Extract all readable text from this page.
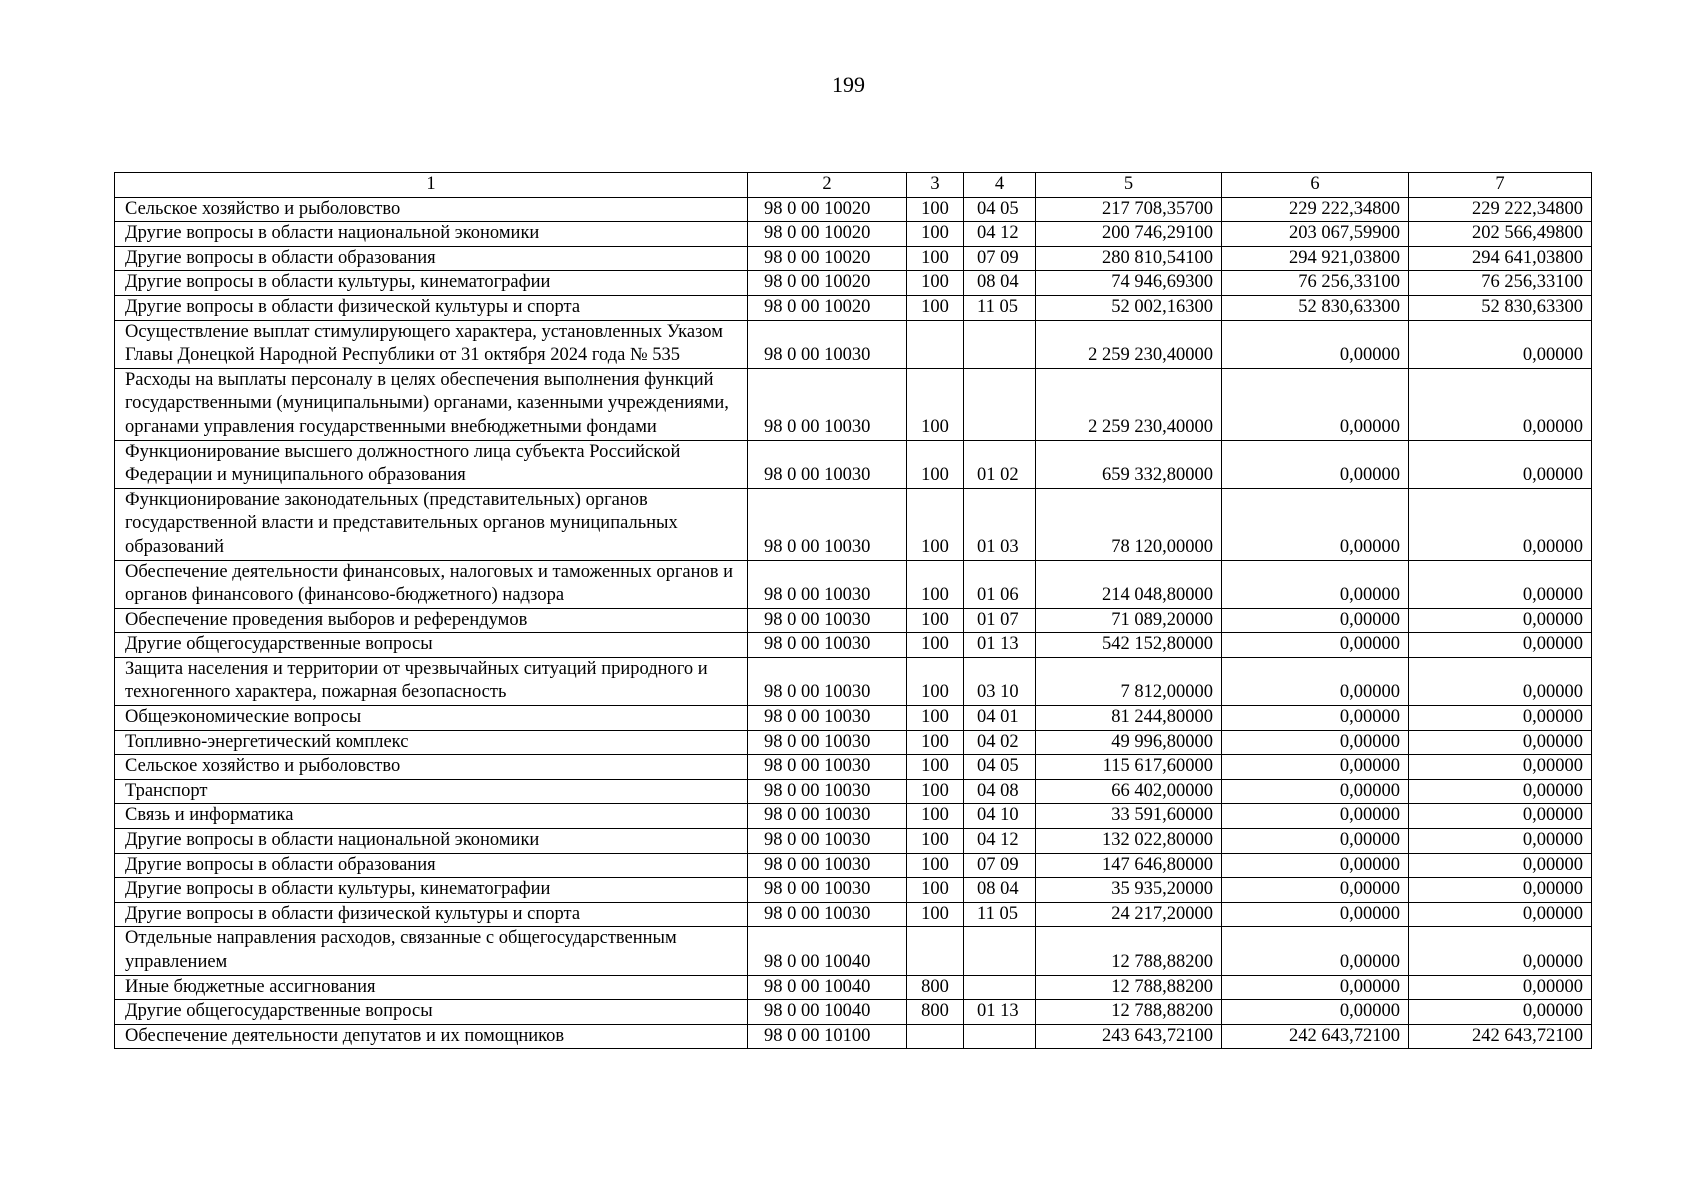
199
1	2	3	4	5	6	7
Сельское хозяйство и рыболовство	98 0 00 10020	100	04 05	217 708,35700	229 222,34800	229 222,34800
Другие вопросы в области национальной экономики	98 0 00 10020	100	04 12	200 746,29100	203 067,59900	202 566,49800
Другие вопросы в области образования	98 0 00 10020	100	07 09	280 810,54100	294 921,03800	294 641,03800
Другие вопросы в области культуры, кинематографии	98 0 00 10020	100	08 04	74 946,69300	76 256,33100	76 256,33100
Другие вопросы в области физической культуры и спорта	98 0 00 10020	100	11 05	52 002,16300	52 830,63300	52 830,63300
Осуществление выплат стимулирующего характера, установленных Указом Главы Донецкой Народной Республики от 31 октября 2024 года № 535	98 0 00 10030			2 259 230,40000	0,00000	0,00000
Расходы на выплаты персоналу в целях обеспечения выполнения функций государственными (муниципальными) органами, казенными учреждениями, органами управления государственными внебюджетными фондами	98 0 00 10030	100		2 259 230,40000	0,00000	0,00000
Функционирование высшего должностного лица субъекта Российской Федерации и муниципального образования	98 0 00 10030	100	01 02	659 332,80000	0,00000	0,00000
Функционирование законодательных (представительных) органов государственной власти и представительных органов муниципальных образований	98 0 00 10030	100	01 03	78 120,00000	0,00000	0,00000
Обеспечение деятельности финансовых, налоговых и таможенных органов и органов финансового (финансово-бюджетного) надзора	98 0 00 10030	100	01 06	214 048,80000	0,00000	0,00000
Обеспечение проведения выборов и референдумов	98 0 00 10030	100	01 07	71 089,20000	0,00000	0,00000
Другие общегосударственные вопросы	98 0 00 10030	100	01 13	542 152,80000	0,00000	0,00000
Защита населения и территории от чрезвычайных ситуаций природного и техногенного характера, пожарная безопасность	98 0 00 10030	100	03 10	7 812,00000	0,00000	0,00000
Общеэкономические вопросы	98 0 00 10030	100	04 01	81 244,80000	0,00000	0,00000
Топливно-энергетический комплекс	98 0 00 10030	100	04 02	49 996,80000	0,00000	0,00000
Сельское хозяйство и рыболовство	98 0 00 10030	100	04 05	115 617,60000	0,00000	0,00000
Транспорт	98 0 00 10030	100	04 08	66 402,00000	0,00000	0,00000
Связь и информатика	98 0 00 10030	100	04 10	33 591,60000	0,00000	0,00000
Другие вопросы в области национальной экономики	98 0 00 10030	100	04 12	132 022,80000	0,00000	0,00000
Другие вопросы в области образования	98 0 00 10030	100	07 09	147 646,80000	0,00000	0,00000
Другие вопросы в области культуры, кинематографии	98 0 00 10030	100	08 04	35 935,20000	0,00000	0,00000
Другие вопросы в области физической культуры и спорта	98 0 00 10030	100	11 05	24 217,20000	0,00000	0,00000
Отдельные направления расходов, связанные с общегосударственным управлением	98 0 00 10040			12 788,88200	0,00000	0,00000
Иные бюджетные ассигнования	98 0 00 10040	800		12 788,88200	0,00000	0,00000
Другие общегосударственные вопросы	98 0 00 10040	800	01 13	12 788,88200	0,00000	0,00000
Обеспечение деятельности депутатов и их помощников	98 0 00 10100			243 643,72100	242 643,72100	242 643,72100
